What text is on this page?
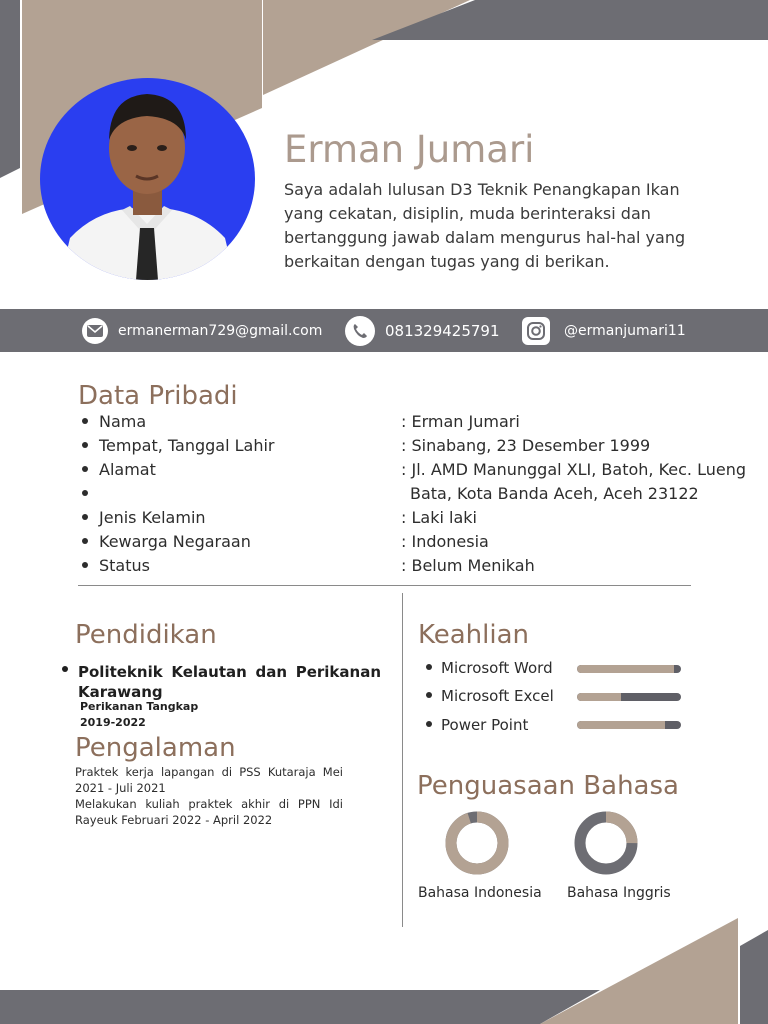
Erman Jumari
Saya adalah lulusan D3 Teknik Penangkapan Ikan yang cekatan, disiplin, muda berinteraksi dan bertanggung jawab dalam mengurus hal-hal yang berkaitan dengan tugas yang di berikan.
ermanerman729@gmail.com	081329425791	@ermanjumari11
Data Pribadi
Nama
Tempat, Tanggal Lahir
Alamat
Jenis Kelamin
Kewarga Negaraan
Status
: Erman Jumari
: Sinabang, 23 Desember 1999
: Jl. AMD Manunggal XLI, Batoh, Kec. Lueng
Bata, Kota Banda Aceh, Aceh 23122
: Laki laki
: Indonesia
: Belum Menikah
Pendidikan
Politeknik Kelautan dan Perikanan
Karawang
Perikanan Tangkap
2019-2022
Pengalaman
Praktek kerja lapangan di PSS Kutaraja Mei 2021 - Juli 2021
Melakukan kuliah praktek akhir di PPN Idi Rayeuk Februari 2022 - April 2022
Keahlian
Microsoft Word
Microsoft Excel
Power Point
Penguasaan Bahasa
Bahasa Indonesia Bahasa Inggris
